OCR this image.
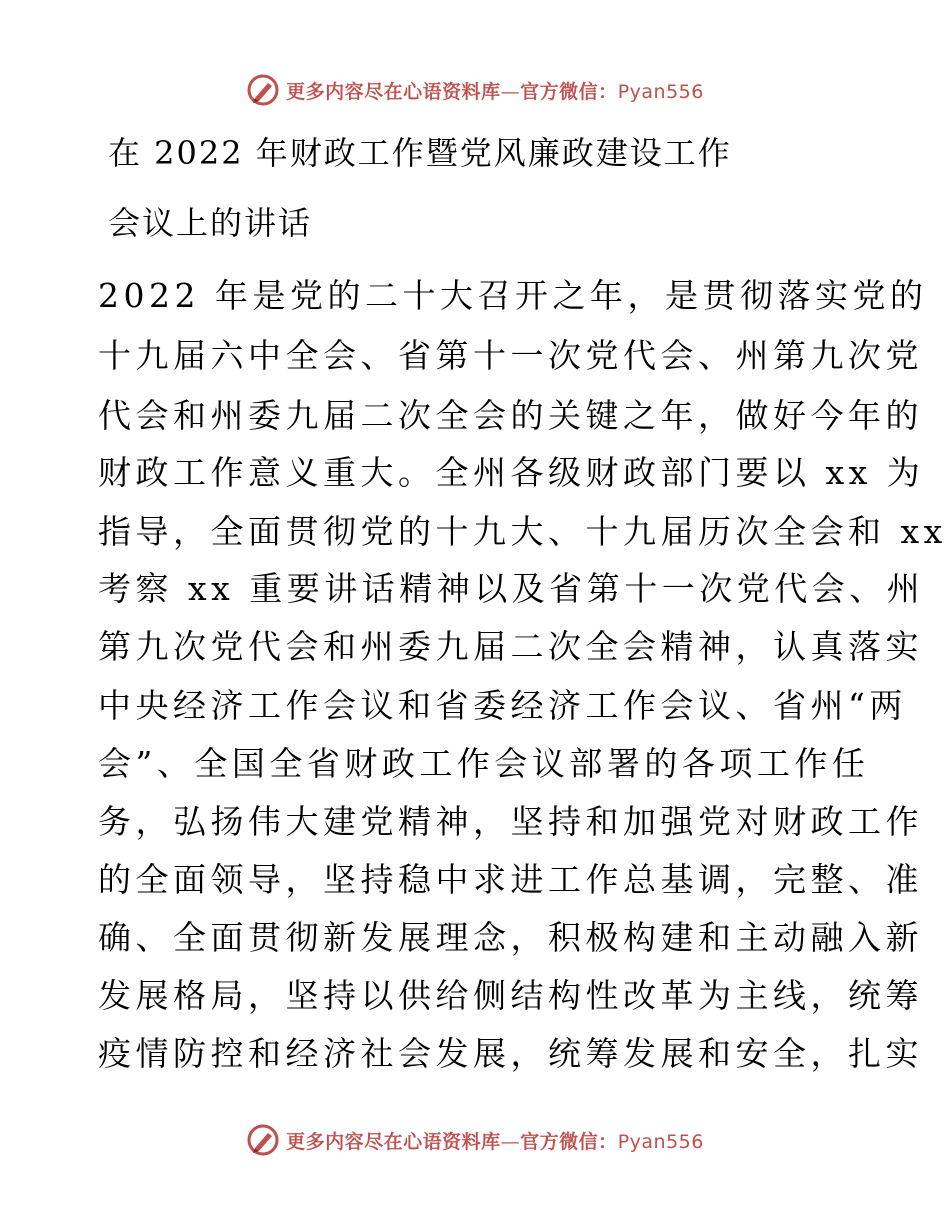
更多内容尽在心语资料库—官方微信：Pyan556
在 2022 年财政工作暨党风廉政建设工作
会议上的讲话
2022 年是党的二十大召开之年，是贯彻落实党的
十九届六中全会、省第十一次党代会、州第九次党
代会和州委九届二次全会的关键之年，做好今年的
财政工作意义重大。全州各级财政部门要以 xx 为
指导，全面贯彻党的十九大、十九届历次全会和 xx
考察 xx 重要讲话精神以及省第十一次党代会、州
第九次党代会和州委九届二次全会精神，认真落实
中央经济工作会议和省委经济工作会议、省州“两
会”、全国全省财政工作会议部署的各项工作任
务，弘扬伟大建党精神，坚持和加强党对财政工作
的全面领导，坚持稳中求进工作总基调，完整、准
确、全面贯彻新发展理念，积极构建和主动融入新
发展格局，坚持以供给侧结构性改革为主线，统筹
疫情防控和经济社会发展，统筹发展和安全，扎实
更多内容尽在心语资料库—官方微信：Pyan556
